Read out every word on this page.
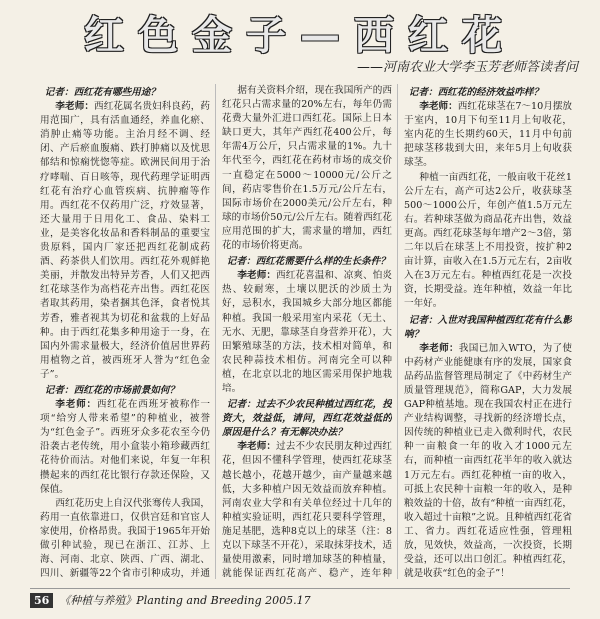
红色金子—西红花
——河南农业大学李玉芳老师答读者问

记者：西红花有哪些用途？

李老师：西红花属名贵妇科良药，药用范围广，具有活血通经，养血化瘀、消肿止痛等功能。主治月经不调、经闭、产后瘀血腹痛、跌打肿痛以及忧思郁结和惊痫恍惚等症。欧洲民间用于治疗哮喘、百日咳等，现代药理学证明西红花有治疗心血管疾病、抗肿瘤等作用。西红花不仅药用广泛，疗效显著，还大量用于日用化工、食品、染料工业，是美容化妆品和香料制品的重要宝贵原料，国内厂家还把西红花制成药酒、药茶供人们饮用。西红花外观鲜艳美丽，并散发出特异芳香，人们又把西红花球茎作为高档花卉出售。西红花医者取其药用，染者捆其色泽，食者悦其芳香，雅者视其为切花和盆栽的上好品种。由于西红花集多种用途于一身，在国内外需求量极大，经济价值居世界药用植物之首，被西班牙人誉为“红色金子”。

记者：西红花的市场前景如何？

李老师：西红花在西班牙被称作一项“给穷人带来希望”的种植业，被誉为“红色金子”。西班牙众多花农至今仍沿袭古老传统，用小盒装小箱珍藏西红花待价而沽。对他们来说，年复一年积攒起来的西红花比银行存款还保险，又保值。

西红花历史上自汉代张骞传人我国，药用一直依靠进口，仅供宫廷和官宦人家使用，价格昂贵。我国于1965年开始做引种试验，现已在浙江、江苏、上海、河南、北京、陕西、广西、湖北、四川、新疆等22个省市引种成功，并通

据有关资料介绍，现在我国所产的西红花只占需求量的20%左右，每年仍需花费大量外汇进口西红花。国际上日本缺口更大，其年产西红花400公斤，每年需4万公斤，只占需求量的1%。九十年代至今，西红花在药材市场的成交价一直稳定在5000～10000元/公斤之间，药店零售价在1.5万元/公斤左右，国际市场价在2000美元/公斤左右，种球的市场价50元/公斤左右。随着西红花应用范围的扩大，需求量的增加，西红花的市场价将更高。

记者：西红花需要什么样的生长条件？

李老师：西红花喜温和、凉爽、怕炎热、较耐寒，土壤以肥沃的沙质土为好，忌积水，我国城乡大部分地区都能种植。我国一般采用室内采花（无土、无水、无肥，靠球茎自身营养开花），大田繁殖球茎的方法，技术相对简单，和农民种蒜技术相仿。河南完全可以种植，在北京以北的地区需采用保护地栽培。

记者：过去不少农民种植过西红花，投资大，效益低，请问，西红花效益低的原因是什么？有无解决办法？

李老师：过去不少农民朋友种过西红花，但因不懂科学管理，使西红花球茎越长越小，花越开越少，亩产量越来越低，大多种植户因无效益而放弃种植。河南农业大学和有关单位经过十几年的种植实验证明，西红花只要科学管理，施足基肥，选种8克以上的球茎（注：8克以下球茎不开花），采取抹芽技术，适量使用激素，同时增加球茎的种植量，就能保证西红花高产、稳产，连年种

记者：西红花的经济效益咋样？

李老师：西红花球茎在7～10月摆放于室内，10月下旬至11月上旬收花，室内花的生长期约60天，11月中旬前把球茎移栽到大田，来年5月上旬收获球茎。

种植一亩西红花，一般亩收干花丝1公斤左右，高产可达2公斤，收获球茎500～1000公斤，年创产值1.5万元左右。若种球茎做为商品花卉出售，效益更高。西红花球茎每年增产2～3倍，第二年以后在球茎上不用投资，按扩种2亩计算，亩收入在1.5万元左右，2亩收入在3万元左右。种植西红花是一次投资，长期受益。连年种植，效益一年比一年好。

记者：入世对我国种植西红花有什么影响？

李老师：我国已加入WTO，为了使中药材产业能健康有序的发展，国家食品药品监督管理局制定了《中药材生产质量管理规范》，简称GAP，大力发展GAP种植基地。现在我国农村正在进行产业结构调整，寻找新的经济增长点，因传统的种植业已走入微利时代，农民种一亩粮食一年的收入才1000元左右，而种植一亩西红花半年的收入就达1万元左右。西红花种植一亩的收入，可抵上农民种十亩粮一年的收入，是种粮效益的十倍，故有“种植一亩西红花，收入超过十亩粮”之说。且种植西红花省工、省力。西红花适应性强，管理粗放，见效快，效益高，一次投资，长期受益，还可以出口创汇。种植西红花，就是收获“红色的金子”！

56 《种植与养殖》Planting and Breeding 2005.17
